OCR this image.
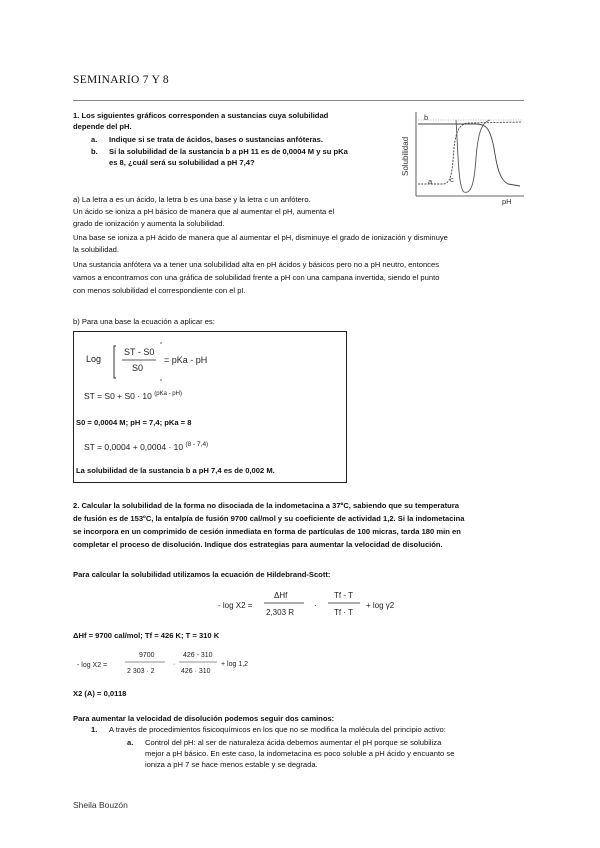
SEMINARIO 7 Y 8
1. Los siguientes gráficos corresponden a sustancias cuya solubilidad
depende del pH.
a. Indique si se trata de ácidos, bases o sustancias anfóteras.
b. Si la solubilidad de la sustancia b a pH 11 es de 0,0004 M y su pKa
es 8, ¿cuál será su solubilidad a pH 7,4?	Solubilidad
pH
b
a c
a) La letra a es un ácido, la letra b es una base y la letra c un anfótero.
Un ácido se ioniza a pH básico de manera que al aumentar el pH, aumenta el
grado de ionización y aumenta la solubilidad.
Una base se ioniza a pH ácido de manera que al aumentar el pH, disminuye el grado de ionización y disminuye
la solubilidad.
Una sustancia anfótera va a tener una solubilidad alta en pH ácidos y básicos pero no a pH neutro, entonces
vamos a encontrarnos con una gráfica de solubilidad frente a pH con una campana invertida, siendo el punto
con menos solubilidad el correspondiente con el pI.
b) Para una base la ecuación a aplicar es:
Log
ST - S0
S0
= pKa - pH
ST = S0 + S0 · 10 $^{(pKa - pH)}$
S0 = 0,0004 M; pH = 7,4; pKa = 8
ST = 0,0004 + 0,0004 · 10 $^{(8 - 7,4)}$
La solubilidad de la sustancia b a pH 7,4 es de 0,002 M.
2. Calcular la solubilidad de la forma no disociada de la indometacina a 37ºC, sabiendo que su temperatura
de fusión es de 153ºC, la entalpía de fusión 9700 cal/mol y su coeficiente de actividad 1,2. Si la indometacina
se incorpora en un comprimido de cesión inmediata en forma de partículas de 100 micras, tarda 180 min en
completar el proceso de disolución. Indique dos estrategias para aumentar la velocidad de disolución.
Para calcular la solubilidad utilizamos la ecuación de Hildebrand-Scott:
- log X2 =
ΔHf
2,303 R
·
Tf - T
Tf · T
+ log γ2
ΔHf = 9700 cal/mol; Tf = 426 K; T = 310 K
- log X2 =
9700
2 303 · 2
·
426 - 310
426 · 310
+ log 1,2
X2 (A) = 0,0118
Para aumentar la velocidad de disolución podemos seguir dos caminos:
1. A través de procedimientos fisicoquímicos en los que no se modifica la molécula del principio activo:
a. Control del pH: al ser de naturaleza ácida debemos aumentar el pH porque se solubiliza
mejor a pH básico. En este caso, la indometacina es poco soluble a pH ácido y encuanto se
ioniza a pH 7 se hace menos estable y se degrada.
Sheila Bouzón
